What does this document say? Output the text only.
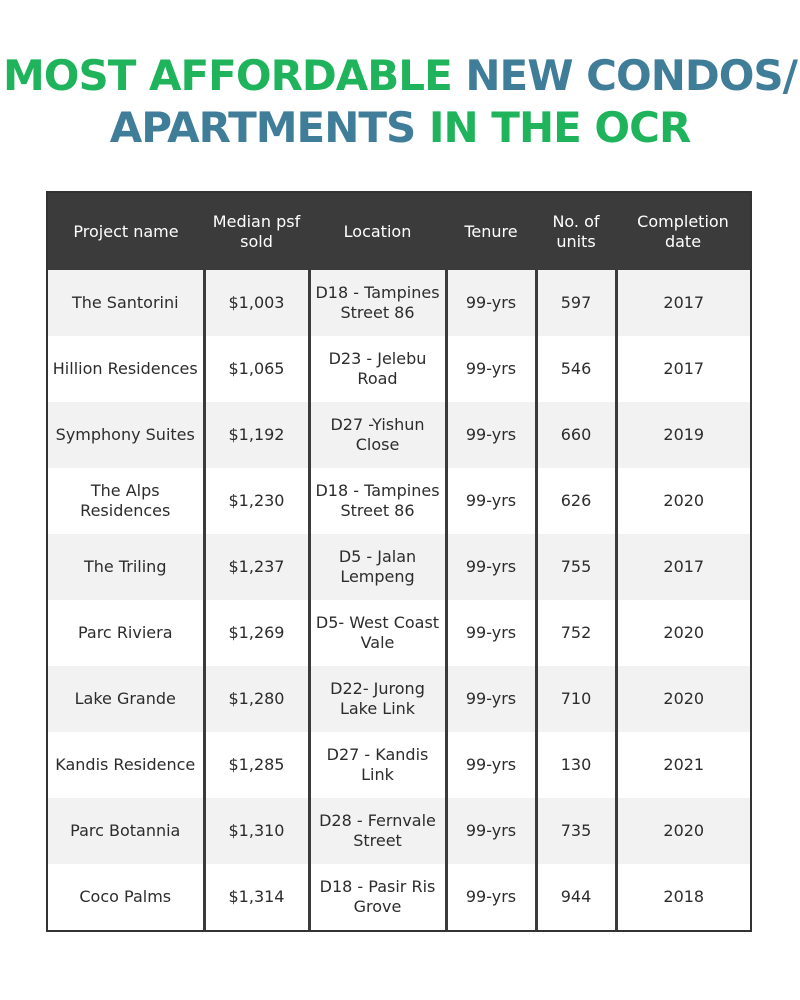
MOST AFFORDABLE NEW CONDOS/
APARTMENTS IN THE OCR
Project name	Median psf sold	Location	Tenure	No. of units	Completion date
The Santorini	$1,003	D18 - Tampines Street 86	99-yrs	597	2017
Hillion Residences	$1,065	D23 - Jelebu Road	99-yrs	546	2017
Symphony Suites	$1,192	D27 -Yishun Close	99-yrs	660	2019
The Alps Residences	$1,230	D18 - Tampines Street 86	99-yrs	626	2020
The Triling	$1,237	D5 - Jalan Lempeng	99-yrs	755	2017
Parc Riviera	$1,269	D5- West Coast Vale	99-yrs	752	2020
Lake Grande	$1,280	D22- Jurong Lake Link	99-yrs	710	2020
Kandis Residence	$1,285	D27 - Kandis Link	99-yrs	130	2021
Parc Botannia	$1,310	D28 - Fernvale Street	99-yrs	735	2020
Coco Palms	$1,314	D18 - Pasir Ris Grove	99-yrs	944	2018
